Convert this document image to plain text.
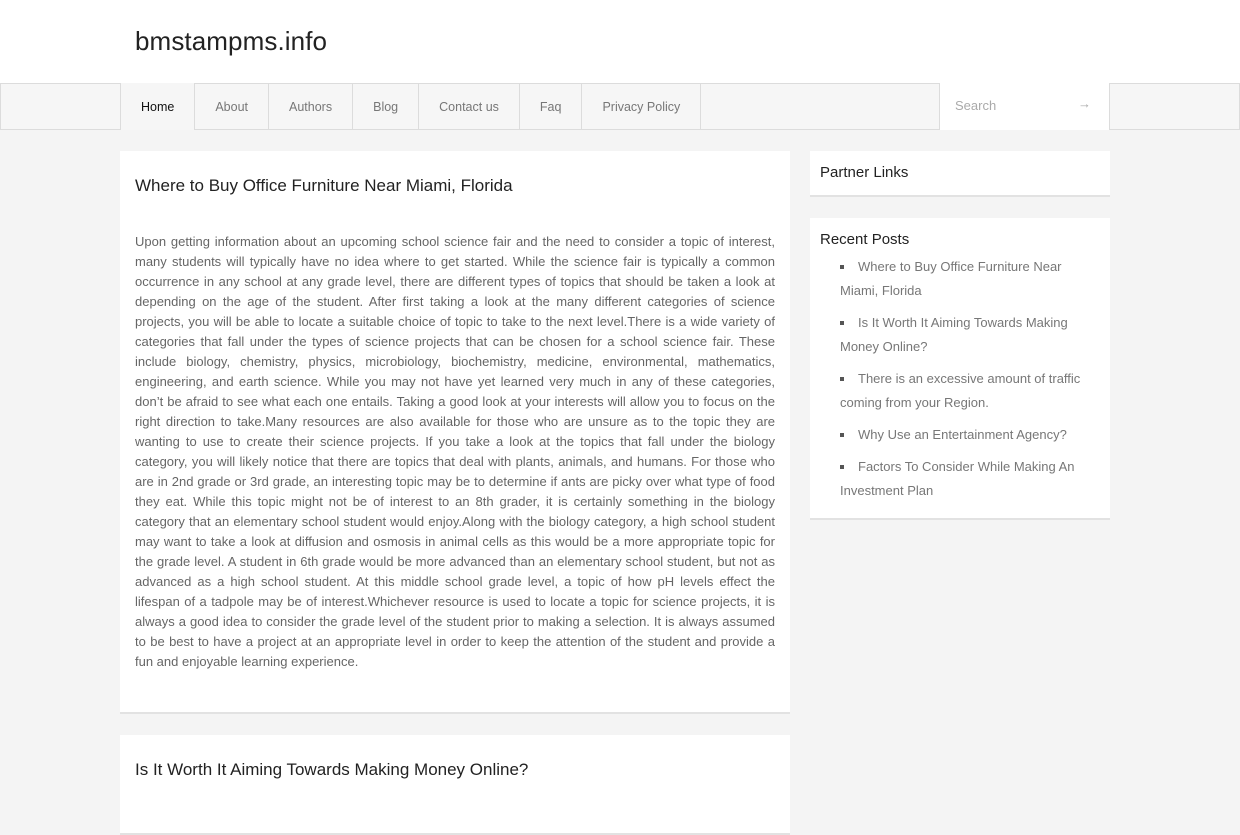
bmstampms.info
Home	About	Authors	Blog	Contact us	Faq	Privacy Policy
Search	→
Where to Buy Office Furniture Near Miami, Florida
Upon getting information about an upcoming school science fair and the need to consider a topic of interest, many students will typically have no idea where to get started. While the science fair is typically a common occurrence in any school at any grade level, there are different types of topics that should be taken a look at depending on the age of the student. After first taking a look at the many different categories of science projects, you will be able to locate a suitable choice of topic to take to the next level.There is a wide variety of categories that fall under the types of science projects that can be chosen for a school science fair. These include biology, chemistry, physics, microbiology, biochemistry, medicine, environmental, mathematics, engineering, and earth science. While you may not have yet learned very much in any of these categories, don’t be afraid to see what each one entails. Taking a good look at your interests will allow you to focus on the right direction to take.Many resources are also available for those who are unsure as to the topic they are wanting to use to create their science projects. If you take a look at the topics that fall under the biology category, you will likely notice that there are topics that deal with plants, animals, and humans. For those who are in 2nd grade or 3rd grade, an interesting topic may be to determine if ants are picky over what type of food they eat. While this topic might not be of interest to an 8th grader, it is certainly something in the biology category that an elementary school student would enjoy.Along with the biology category, a high school student may want to take a look at diffusion and osmosis in animal cells as this would be a more appropriate topic for the grade level. A student in 6th grade would be more advanced than an elementary school student, but not as advanced as a high school student. At this middle school grade level, a topic of how pH levels effect the lifespan of a tadpole may be of interest.Whichever resource is used to locate a topic for science projects, it is always a good idea to consider the grade level of the student prior to making a selection. It is always assumed to be best to have a project at an appropriate level in order to keep the attention of the student and provide a fun and enjoyable learning experience.
Is It Worth It Aiming Towards Making Money Online?
Partner Links
Recent Posts
Where to Buy Office Furniture Near Miami, Florida
Is It Worth It Aiming Towards Making Money Online?
There is an excessive amount of traffic coming from your Region.
Why Use an Entertainment Agency?
Factors To Consider While Making An Investment Plan
